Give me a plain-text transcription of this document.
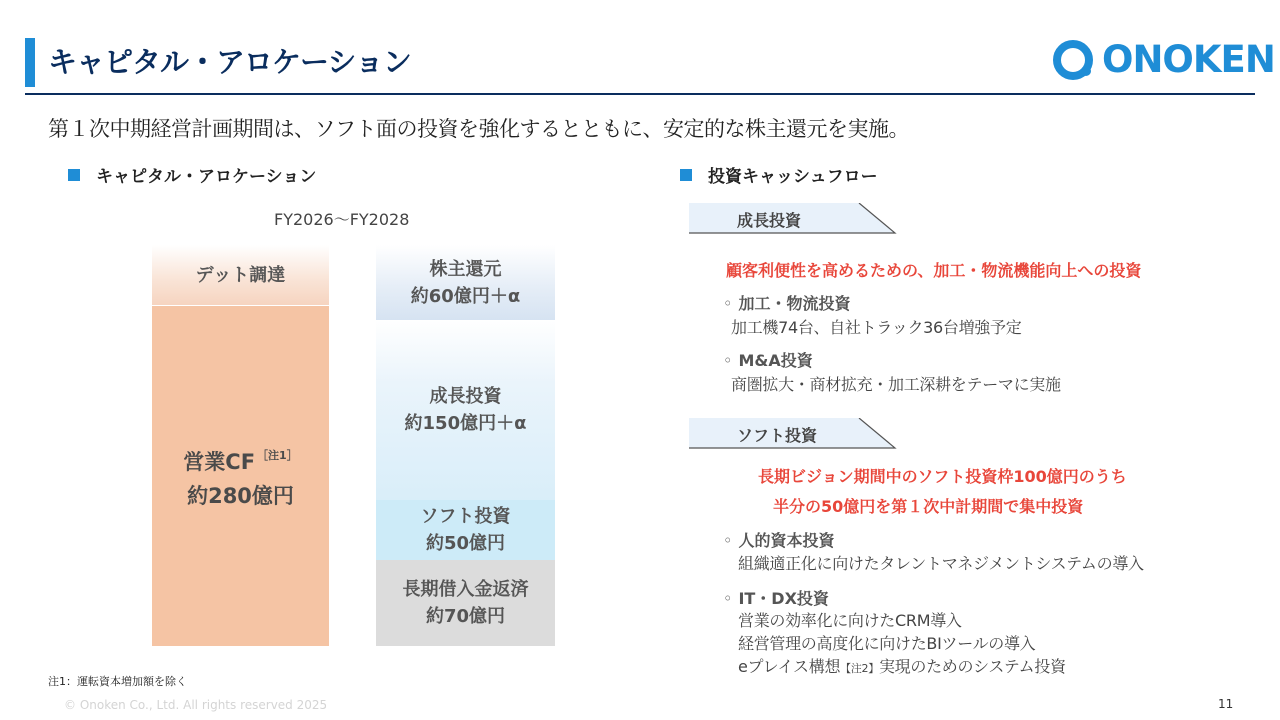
キャピタル・アロケーション	ONOKEN
第１次中期経営計画期間は、ソフト面の投資を強化するとともに、安定的な株主還元を実施。
キャピタル・アロケーション	投資キャッシュフロー
FY2026～FY2028
デット調達
営業CF $^{[注1]}$
約280億円
株主還元
約60億円＋α
成長投資
約150億円＋α
ソフト投資
約50億円
長期借入金返済
約70億円
成長投資
顧客利便性を高めるための、加工・物流機能向上への投資
◦ 加工・物流投資
加工機74台、自社トラック36台増強予定
◦ M&A投資
商圏拡大・商材拡充・加工深耕をテーマに実施
ソフト投資
長期ビジョン期間中のソフト投資枠100億円のうち
半分の50億円を第１次中計期間で集中投資
◦ 人的資本投資
組織適正化に向けたタレントマネジメントシステムの導入
◦ IT・DX投資
営業の効率化に向けたCRM導入
経営管理の高度化に向けたBIツールの導入
eプレイス構想【注2】実現のためのシステム投資
注1：運転資本増加額を除く
© Onoken Co., Ltd. All rights reserved 2025	11
